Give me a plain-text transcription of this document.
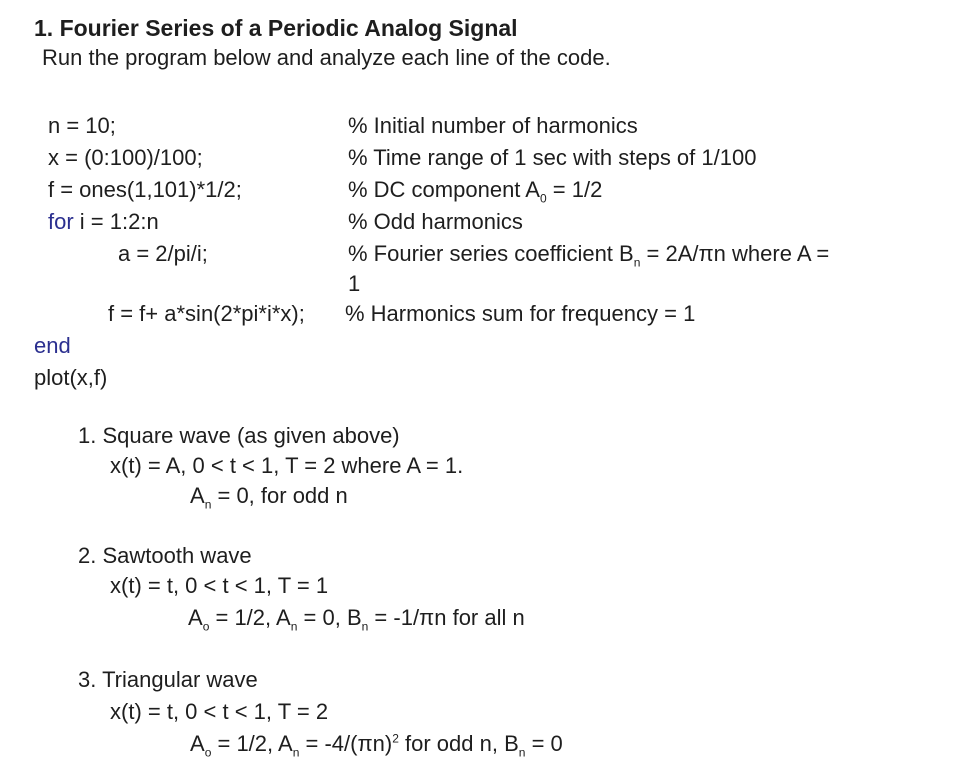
1. Fourier Series of a Periodic Analog Signal
Run the program below and analyze each line of the code.
n = 10;	% Initial number of harmonics
x = (0:100)/100;	% Time range of 1 sec with steps of 1/100
f = ones(1,101)*1/2;	% DC component $A_0 = 1/2$
for i = 1:2:n	% Odd harmonics
a = 2/pi/i;	% Fourier series coefficient $B_n = 2A/\pi n$ where A =
1
f = f+ a*sin(2*pi*i*x); % Harmonics sum for frequency = 1
end
plot(x,f)
1. Square wave (as given above)
x(t) = A, 0 < t < 1, T = 2 where A = 1.
$A_n = 0$, for odd n
2. Sawtooth wave
x(t) = t, 0 < t < 1, T = 1
$A_o = 1/2$, $A_n = 0$, $B_n = -1/\pi n$ for all n
3. Triangular wave
x(t) = t, 0 < t < 1, T = 2
$A_o = 1/2$, $A_n = -4/(\pi n)^2$ for odd n, $B_n = 0$
